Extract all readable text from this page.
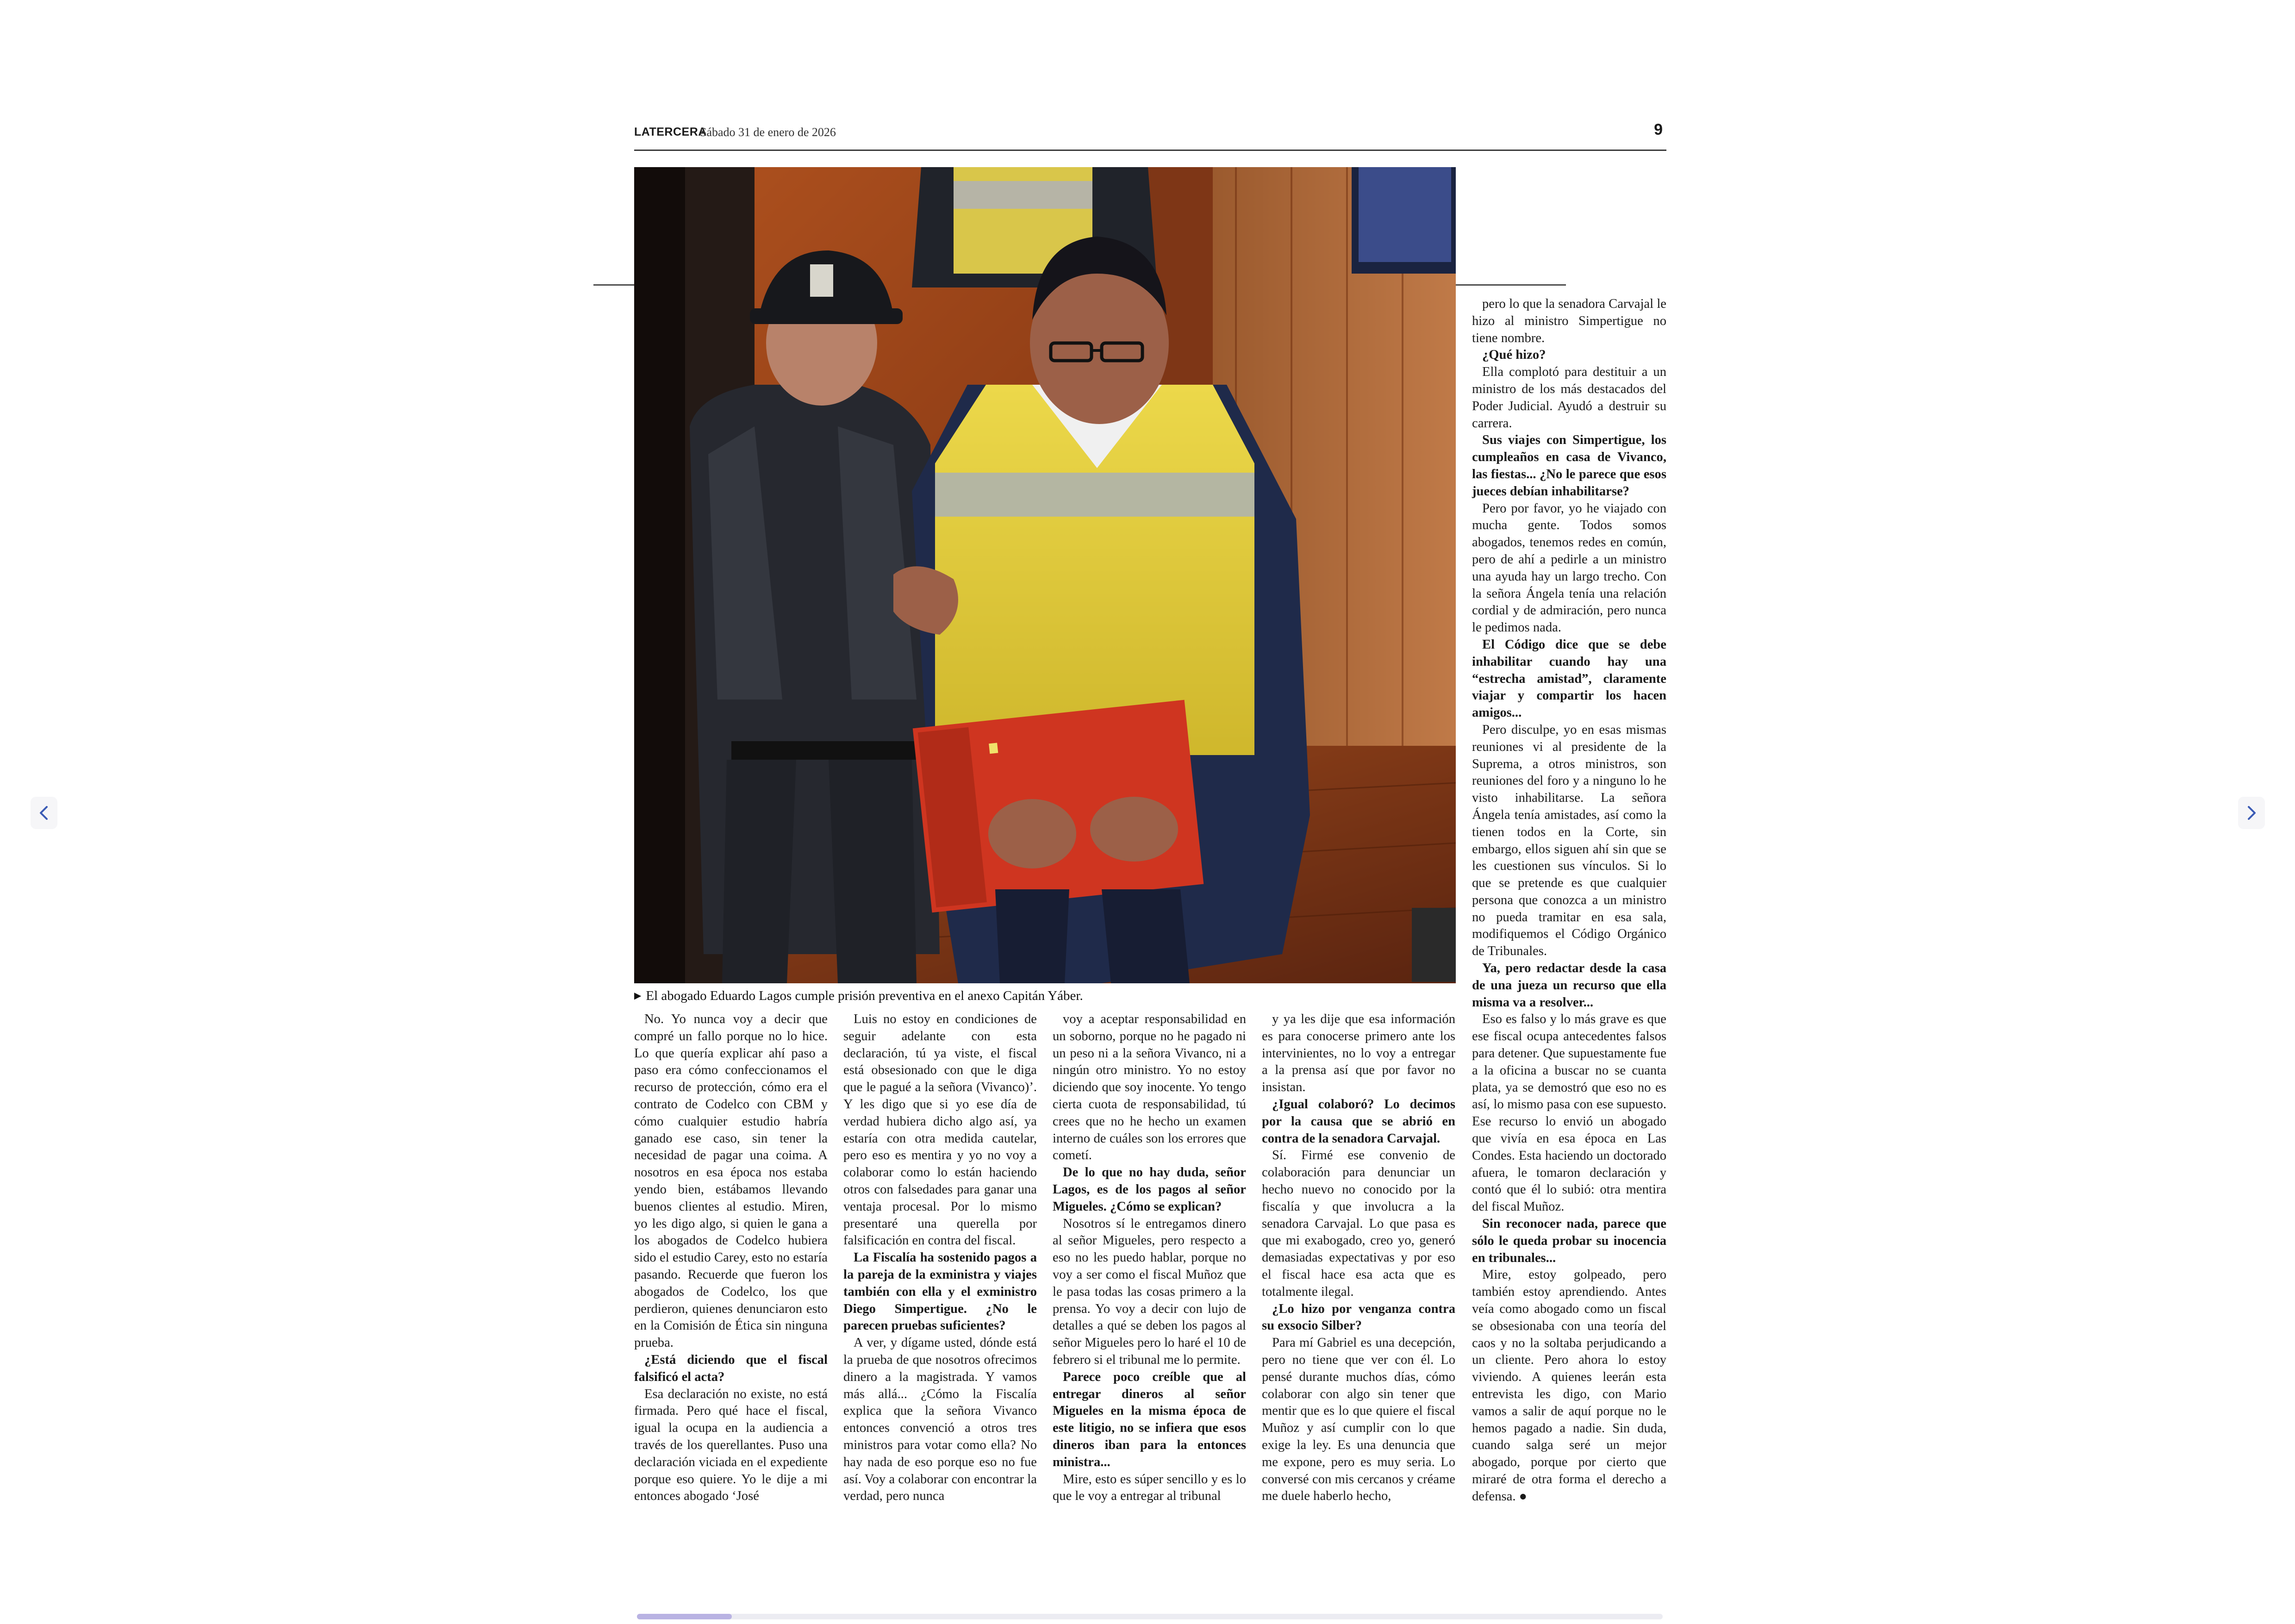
LATERCERA
Sábado 31 de enero de 2026	9
▶ El abogado Eduardo Lagos cumple prisión preventiva en el anexo Capitán Yáber.

No. Yo nunca voy a decir que compré un fallo porque no lo hice. Lo que quería explicar ahí paso a paso era cómo confeccionamos el recurso de protección, cómo era el contrato de Codelco con CBM y cómo cualquier estudio habría ganado ese caso, sin tener la necesidad de pagar una coima. A nosotros en esa época nos estaba yendo bien, estábamos llevando buenos clientes al estudio. Miren, yo les digo algo, si quien le gana a los abogados de Codelco hubiera sido el estudio Carey, esto no estaría pasando. Recuerde que fueron los abogados de Codelco, los que perdieron, quienes denunciaron esto en la Comisión de Ética sin ninguna prueba.

¿Está diciendo que el fiscal falsificó el acta?

Esa declaración no existe, no está firmada. Pero qué hace el fiscal, igual la ocupa en la audiencia a través de los querellantes. Puso una declaración viciada en el expediente porque eso quiere. Yo le dije a mi entonces abogado ‘José

Luis no estoy en condiciones de seguir adelante con esta declaración, tú ya viste, el fiscal está obsesionado con que le diga que le pagué a la señora (Vivanco)’. Y les digo que si yo ese día de verdad hubiera dicho algo así, ya estaría con otra medida cautelar, pero eso es mentira y yo no voy a colaborar como lo están haciendo otros con falsedades para ganar una ventaja procesal. Por lo mismo presentaré una querella por falsificación en contra del fiscal.

La Fiscalía ha sostenido pagos a la pareja de la exministra y viajes también con ella y el exministro Diego Simpertigue. ¿No le parecen pruebas suficientes?

A ver, y dígame usted, dónde está la prueba de que nosotros ofrecimos dinero a la magistrada. Y vamos más allá... ¿Cómo la Fiscalía explica que la señora Vivanco entonces convenció a otros tres ministros para votar como ella? No hay nada de eso porque eso no fue así. Voy a colaborar con encontrar la verdad, pero nunca

voy a aceptar responsabilidad en un soborno, porque no he pagado ni un peso ni a la señora Vivanco, ni a ningún otro ministro. Yo no estoy diciendo que soy inocente. Yo tengo cierta cuota de responsabilidad, tú crees que no he hecho un examen interno de cuáles son los errores que cometí.

De lo que no hay duda, señor Lagos, es de los pagos al señor Migueles. ¿Cómo se explican?

Nosotros sí le entregamos dinero al señor Migueles, pero respecto a eso no les puedo hablar, porque no voy a ser como el fiscal Muñoz que le pasa todas las cosas primero a la prensa. Yo voy a decir con lujo de detalles a qué se deben los pagos al señor Migueles pero lo haré el 10 de febrero si el tribunal me lo permite.

Parece poco creíble que al entregar dineros al señor Migueles en la misma época de este litigio, no se infiera que esos dineros iban para la entonces ministra...

Mire, esto es súper sencillo y es lo que le voy a entregar al tribunal

y ya les dije que esa información es para conocerse primero ante los intervinientes, no lo voy a entregar a la prensa así que por favor no insistan.

¿Igual colaboró? Lo decimos por la causa que se abrió en contra de la senadora Carvajal.

Sí. Firmé ese convenio de colaboración para denunciar un hecho nuevo no conocido por la fiscalía y que involucra a la senadora Carvajal. Lo que pasa es que mi exabogado, creo yo, generó demasiadas expectativas y por eso el fiscal hace esa acta que es totalmente ilegal.

¿Lo hizo por venganza contra su exsocio Silber?

Para mí Gabriel es una decepción, pero no tiene que ver con él. Lo pensé durante muchos días, cómo colaborar con algo sin tener que mentir que es lo que quiere el fiscal Muñoz y así cumplir con lo que exige la ley. Es una denuncia que me expone, pero es muy seria. Lo conversé con mis cercanos y créame me duele haberlo hecho,

pero lo que la senadora Carvajal le hizo al ministro Simpertigue no tiene nombre.

¿Qué hizo?

Ella complotó para destituir a un ministro de los más destacados del Poder Judicial. Ayudó a destruir su carrera.

Sus viajes con Simpertigue, los cumpleaños en casa de Vivanco, las fiestas... ¿No le parece que esos jueces debían inhabilitarse?

Pero por favor, yo he viajado con mucha gente. Todos somos abogados, tenemos redes en común, pero de ahí a pedirle a un ministro una ayuda hay un largo trecho. Con la señora Ángela tenía una relación cordial y de admiración, pero nunca le pedimos nada.

El Código dice que se debe inhabilitar cuando hay una “estrecha amistad”, claramente viajar y compartir los hacen amigos...

Pero disculpe, yo en esas mismas reuniones vi al presidente de la Suprema, a otros ministros, son reuniones del foro y a ninguno lo he visto inhabilitarse. La señora Ángela tenía amistades, así como la tienen todos en la Corte, sin embargo, ellos siguen ahí sin que se les cuestionen sus vínculos. Si lo que se pretende es que cualquier persona que conozca a un ministro no pueda tramitar en esa sala, modifiquemos el Código Orgánico de Tribunales.

Ya, pero redactar desde la casa de una jueza un recurso que ella misma va a resolver...

Eso es falso y lo más grave es que ese fiscal ocupa antecedentes falsos para detener. Que supuestamente fue a la oficina a buscar no se cuanta plata, ya se demostró que eso no es así, lo mismo pasa con ese supuesto. Ese recurso lo envió un abogado que vivía en esa época en Las Condes. Esta haciendo un doctorado afuera, le tomaron declaración y contó que él lo subió: otra mentira del fiscal Muñoz.

Sin reconocer nada, parece que sólo le queda probar su inocencia en tribunales...

Mire, estoy golpeado, pero también estoy aprendiendo. Antes veía como abogado como un fiscal se obsesionaba con una teoría del caos y no la soltaba perjudicando a un cliente. Pero ahora lo estoy viviendo. A quienes leerán esta entrevista les digo, con Mario vamos a salir de aquí porque no le hemos pagado a nadie. Sin duda, cuando salga seré un mejor abogado, porque por cierto que miraré de otra forma el derecho a defensa. ●
